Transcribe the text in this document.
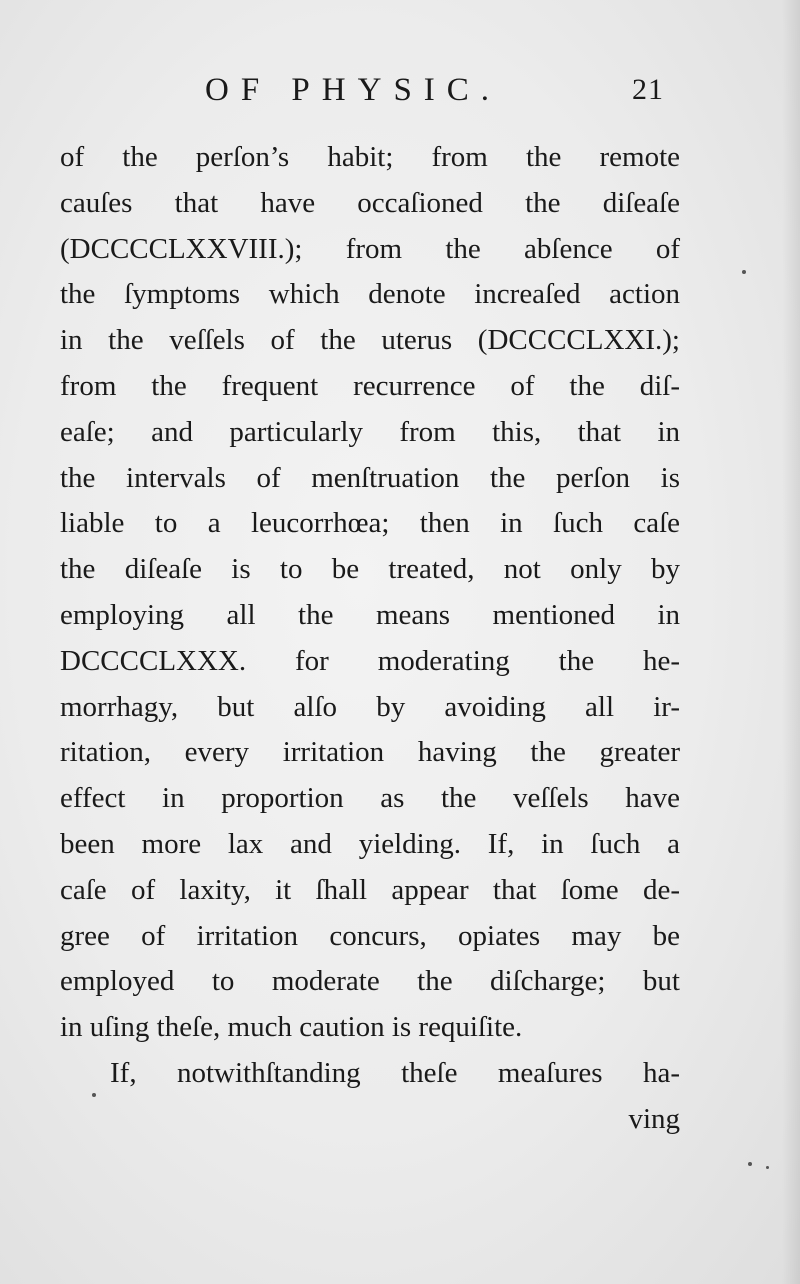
OF PHYSIC.	21
of the perſon’s habit; from the remote
cauſes that have occaſioned the diſeaſe
(DCCCCLXXVIII.); from the abſence of
the ſymptoms which denote increaſed action
in the veſſels of the uterus (DCCCCLXXI.);
from the frequent recurrence of the diſ-
eaſe; and particularly from this, that in
the intervals of menſtruation the perſon is
liable to a leucorrhœa; then in ſuch caſe
the diſeaſe is to be treated, not only by
employing all the means mentioned in
DCCCCLXXX. for moderating the he-
morrhagy, but alſo by avoiding all ir-
ritation, every irritation having the greater
effect in proportion as the veſſels have
been more lax and yielding. If, in ſuch a
caſe of laxity, it ſhall appear that ſome de-
gree of irritation concurs, opiates may be
employed to moderate the diſcharge; but
in uſing theſe, much caution is requiſite.
If, notwithſtanding theſe meaſures ha-
ving
